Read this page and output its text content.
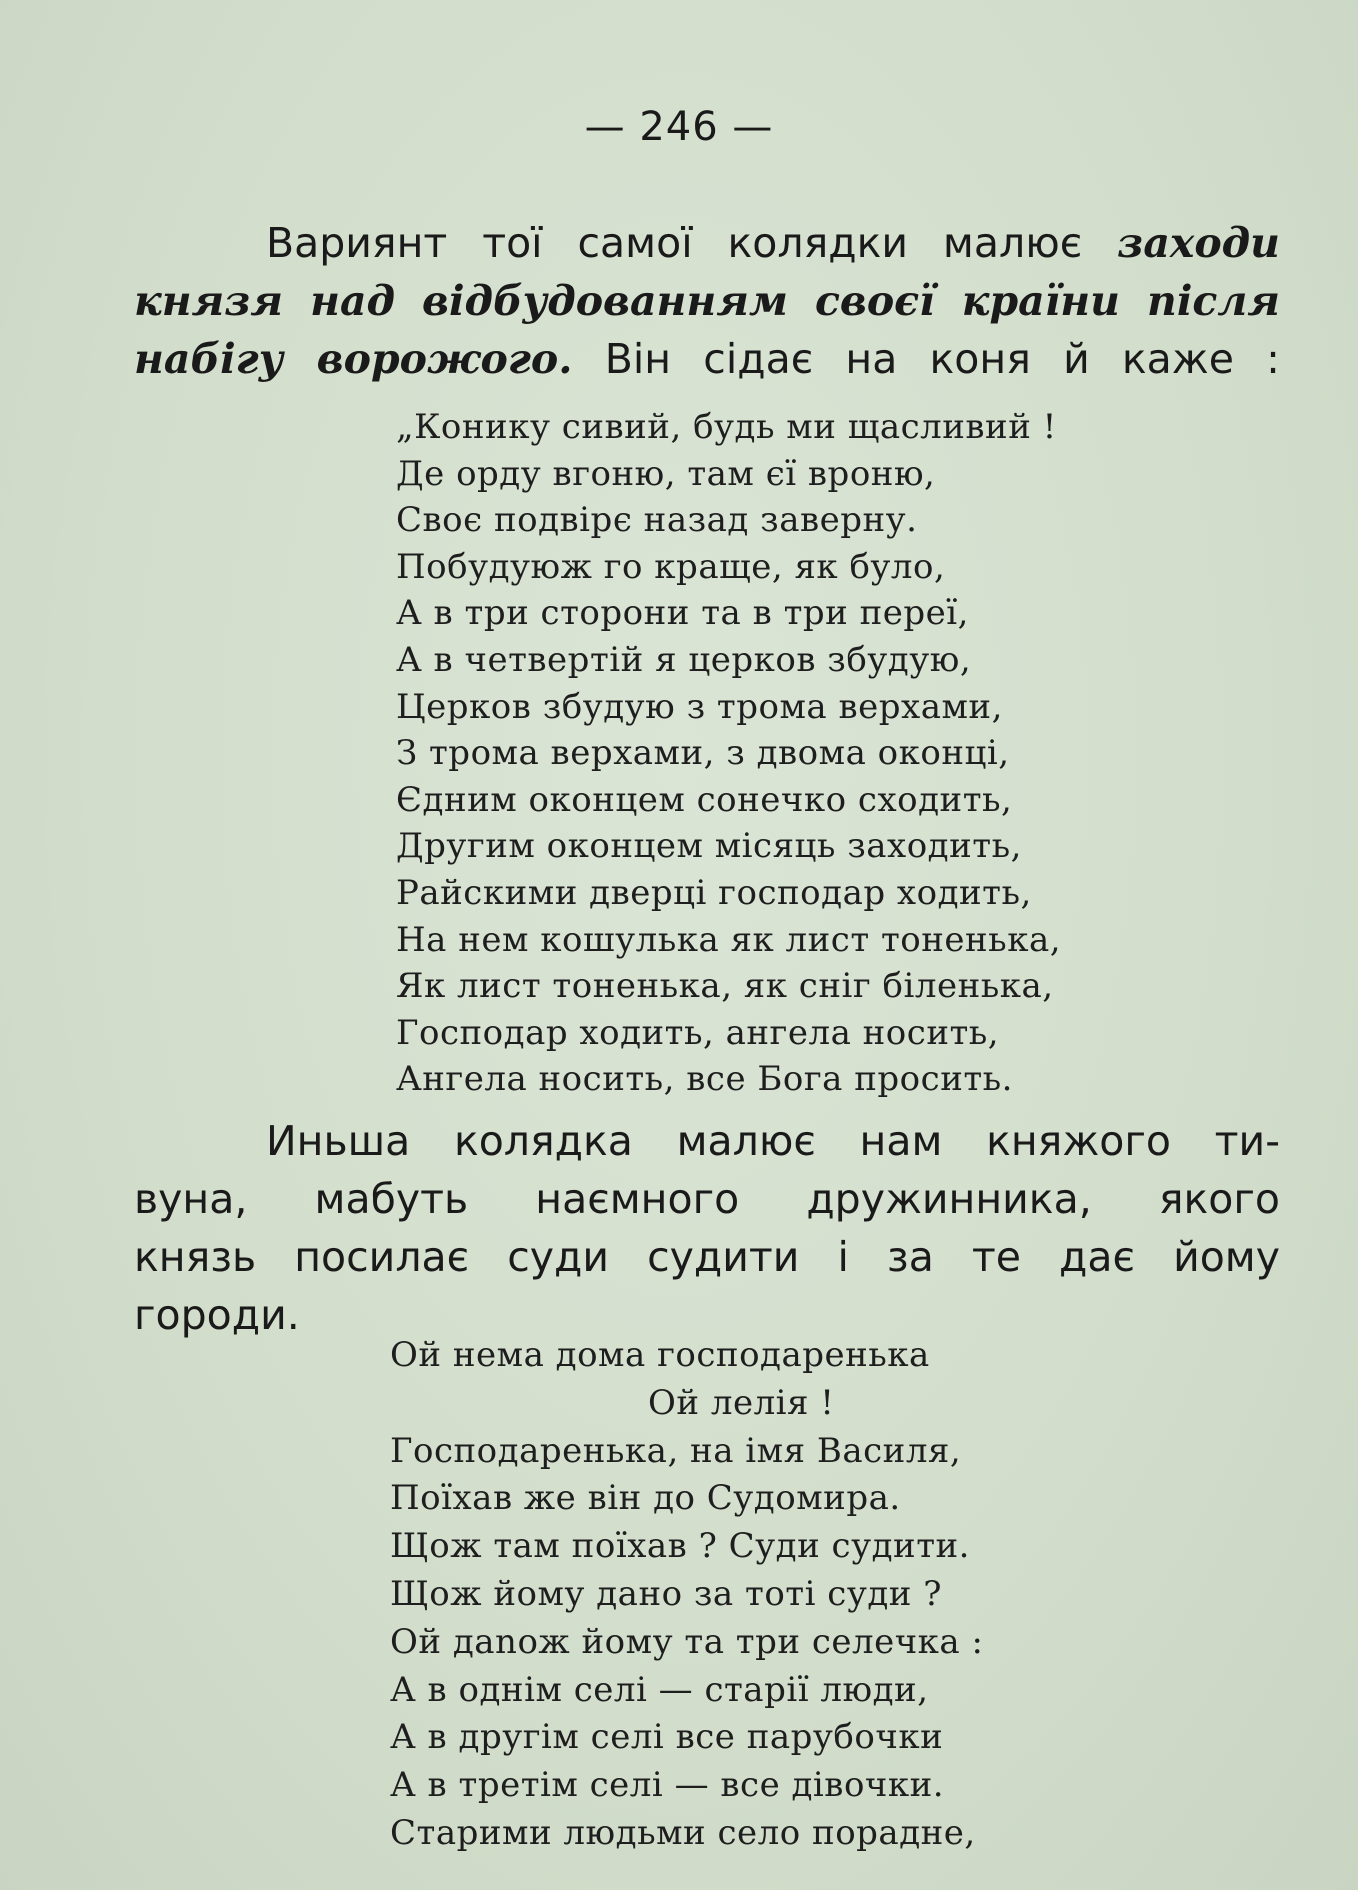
— 246 —
Вариянт тої самої колядки малює заходи
князя над відбудованням своєї країни після
набігу ворожого. Він сідає на коня й каже :
„Конику сивий, будь ми щасливий !
Де орду вгоню, там єї вроню,
Своє подвірє назад заверну.
Побудуюж го краще, як було,
А в три сторони та в три переї,
А в четвертій я церков збудую,
Церков збудую з трома верхами,
З трома верхами, з двома оконці,
Єдним оконцем сонечко сходить,
Другим оконцем місяць заходить,
Райскими дверці господар ходить,
На нем кошулька як лист тоненька,
Як лист тоненька, як сніг біленька,
Господар ходить, ангела носить,
Ангела носить, все Бога просить.
Иньша колядка малює нам княжого ти-
вуна, мабуть наємного дружинника, якого
князь посилає суди судити і за те дає йому
городи.
Ой нема дома господаренька
Ой лелія !
Господаренька, на імя Василя,
Поїхав же він до Судомира.
Щож там поїхав ? Суди судити.
Щож йому дано за тоті суди ?
Ой даnож йому та три селечка :
А в однім селі — старії люди,
А в другім селі все парубочки
А в третім селі — все дівочки.
Старими людьми село порадне,
